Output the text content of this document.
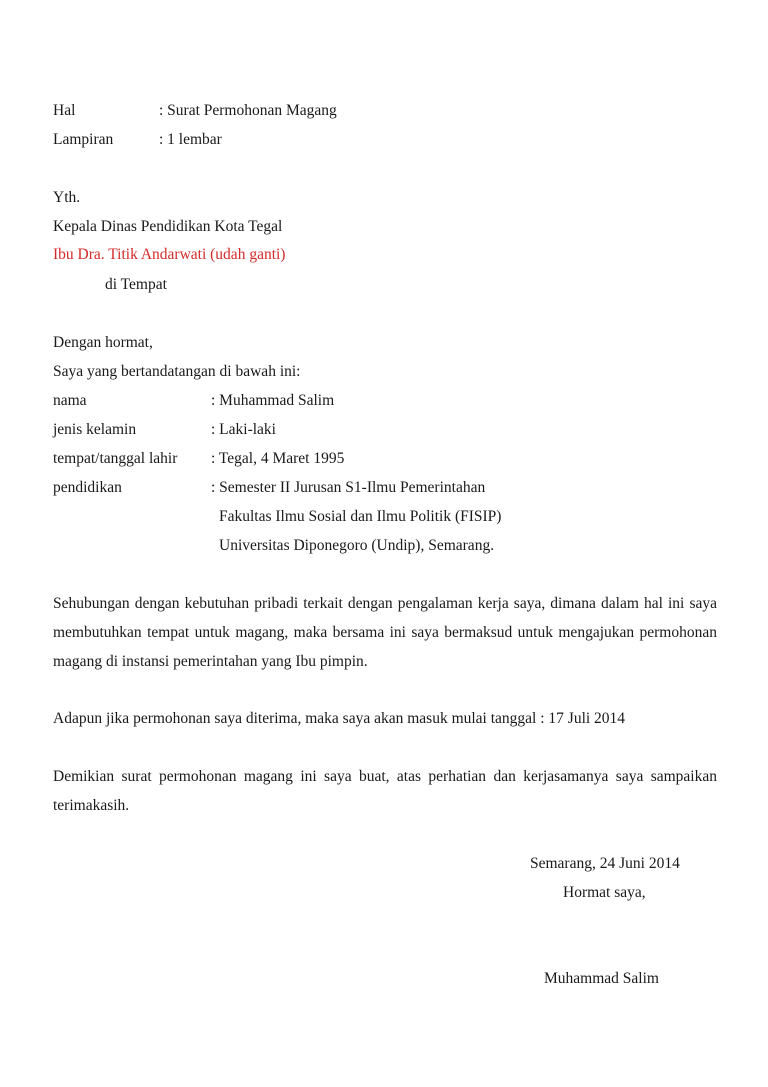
Hal	: Surat Permohonan Magang
Lampiran	: 1 lembar
Yth.
Kepala Dinas Pendidikan Kota Tegal
Ibu Dra. Titik Andarwati (udah ganti)
di Tempat
Dengan hormat,
Saya yang bertandatangan di bawah ini:
nama	: Muhammad Salim
jenis kelamin	: Laki-laki
tempat/tanggal lahir : Tegal, 4 Maret 1995
pendidikan	: Semester II Jurusan S1-Ilmu Pemerintahan
Fakultas Ilmu Sosial dan Ilmu Politik (FISIP)
Universitas Diponegoro (Undip), Semarang.
Sehubungan dengan kebutuhan pribadi terkait dengan pengalaman kerja saya, dimana dalam hal ini saya membutuhkan tempat untuk magang, maka bersama ini saya bermaksud untuk mengajukan permohonan magang di instansi pemerintahan yang Ibu pimpin.
Adapun jika permohonan saya diterima, maka saya akan masuk mulai tanggal : 17 Juli 2014
Demikian surat permohonan magang ini saya buat, atas perhatian dan kerjasamanya saya sampaikan terimakasih.
Semarang, 24 Juni 2014
Hormat saya,
Muhammad Salim
